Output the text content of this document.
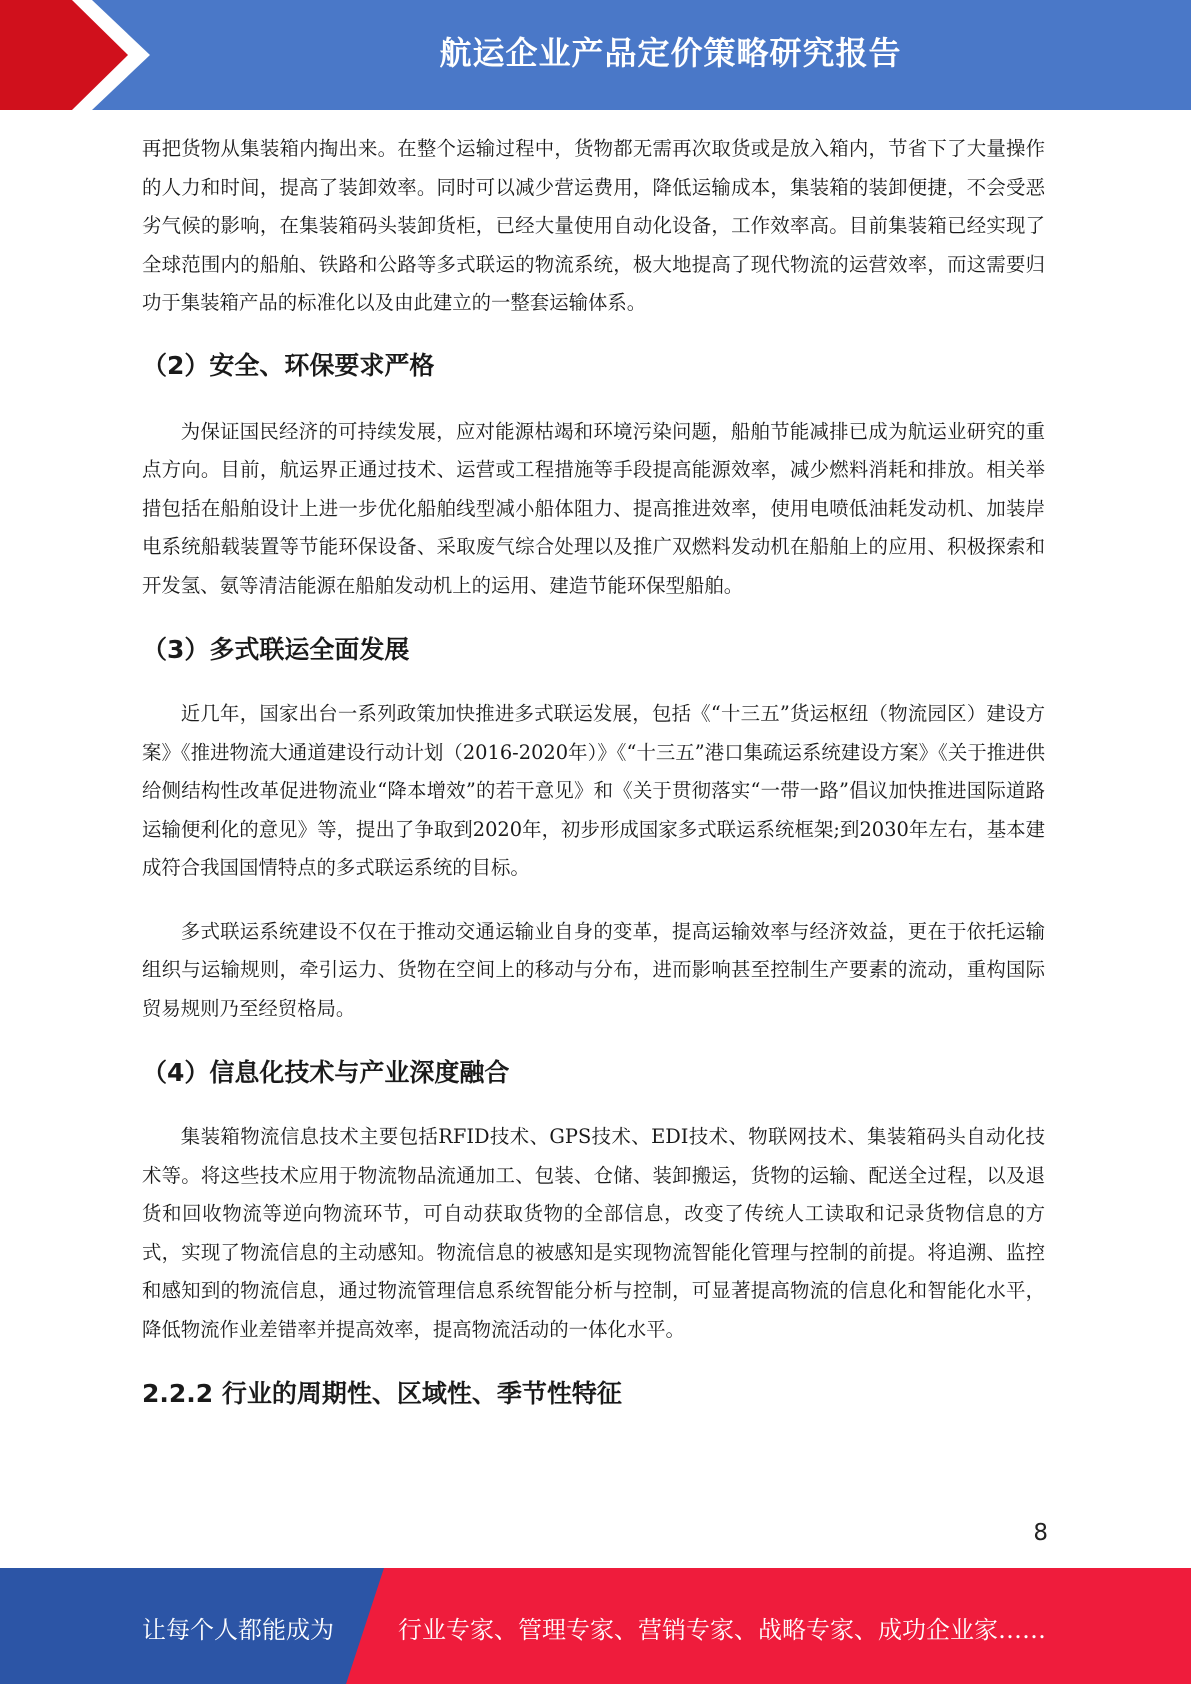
航运企业产品定价策略研究报告

再把货物从集装箱内掏出来。在整个运输过程中，货物都无需再次取货或是放入箱内，节省下了大量操作的人力和时间，提高了装卸效率。同时可以减少营运费用，降低运输成本，集装箱的装卸便捷，不会受恶劣气候的影响，在集装箱码头装卸货柜，已经大量使用自动化设备，工作效率高。目前集装箱已经实现了全球范围内的船舶、铁路和公路等多式联运的物流系统，极大地提高了现代物流的运营效率，而这需要归功于集装箱产品的标准化以及由此建立的一整套运输体系。

（2）安全、环保要求严格

为保证国民经济的可持续发展，应对能源枯竭和环境污染问题，船舶节能减排已成为航运业研究的重点方向。目前，航运界正通过技术、运营或工程措施等手段提高能源效率，减少燃料消耗和排放。相关举措包括在船舶设计上进一步优化船舶线型减小船体阻力、提高推进效率，使用电喷低油耗发动机、加装岸电系统船载装置等节能环保设备、采取废气综合处理以及推广双燃料发动机在船舶上的应用、积极探索和开发氢、氨等清洁能源在船舶发动机上的运用、建造节能环保型船舶。

（3）多式联运全面发展

近几年，国家出台一系列政策加快推进多式联运发展，包括《“十三五”货运枢纽（物流园区）建设方案》《推进物流大通道建设行动计划（2016-2020年）》《“十三五”港口集疏运系统建设方案》《关于推进供给侧结构性改革促进物流业“降本增效”的若干意见》和《关于贯彻落实“一带一路”倡议加快推进国际道路运输便利化的意见》等，提出了争取到2020年，初步形成国家多式联运系统框架;到2030年左右，基本建成符合我国国情特点的多式联运系统的目标。

多式联运系统建设不仅在于推动交通运输业自身的变革，提高运输效率与经济效益，更在于依托运输组织与运输规则，牵引运力、货物在空间上的移动与分布，进而影响甚至控制生产要素的流动，重构国际贸易规则乃至经贸格局。

（4）信息化技术与产业深度融合

集装箱物流信息技术主要包括RFID技术、GPS技术、EDI技术、物联网技术、集装箱码头自动化技术等。将这些技术应用于物流物品流通加工、包装、仓储、装卸搬运，货物的运输、配送全过程，以及退货和回收物流等逆向物流环节，可自动获取货物的全部信息，改变了传统人工读取和记录货物信息的方式，实现了物流信息的主动感知。物流信息的被感知是实现物流智能化管理与控制的前提。将追溯、监控和感知到的物流信息，通过物流管理信息系统智能分析与控制，可显著提高物流的信息化和智能化水平，降低物流作业差错率并提高效率，提高物流活动的一体化水平。

2.2.2 行业的周期性、区域性、季节性特征
8
让每个人都能成为	行业专家、管理专家、营销专家、战略专家、成功企业家……
